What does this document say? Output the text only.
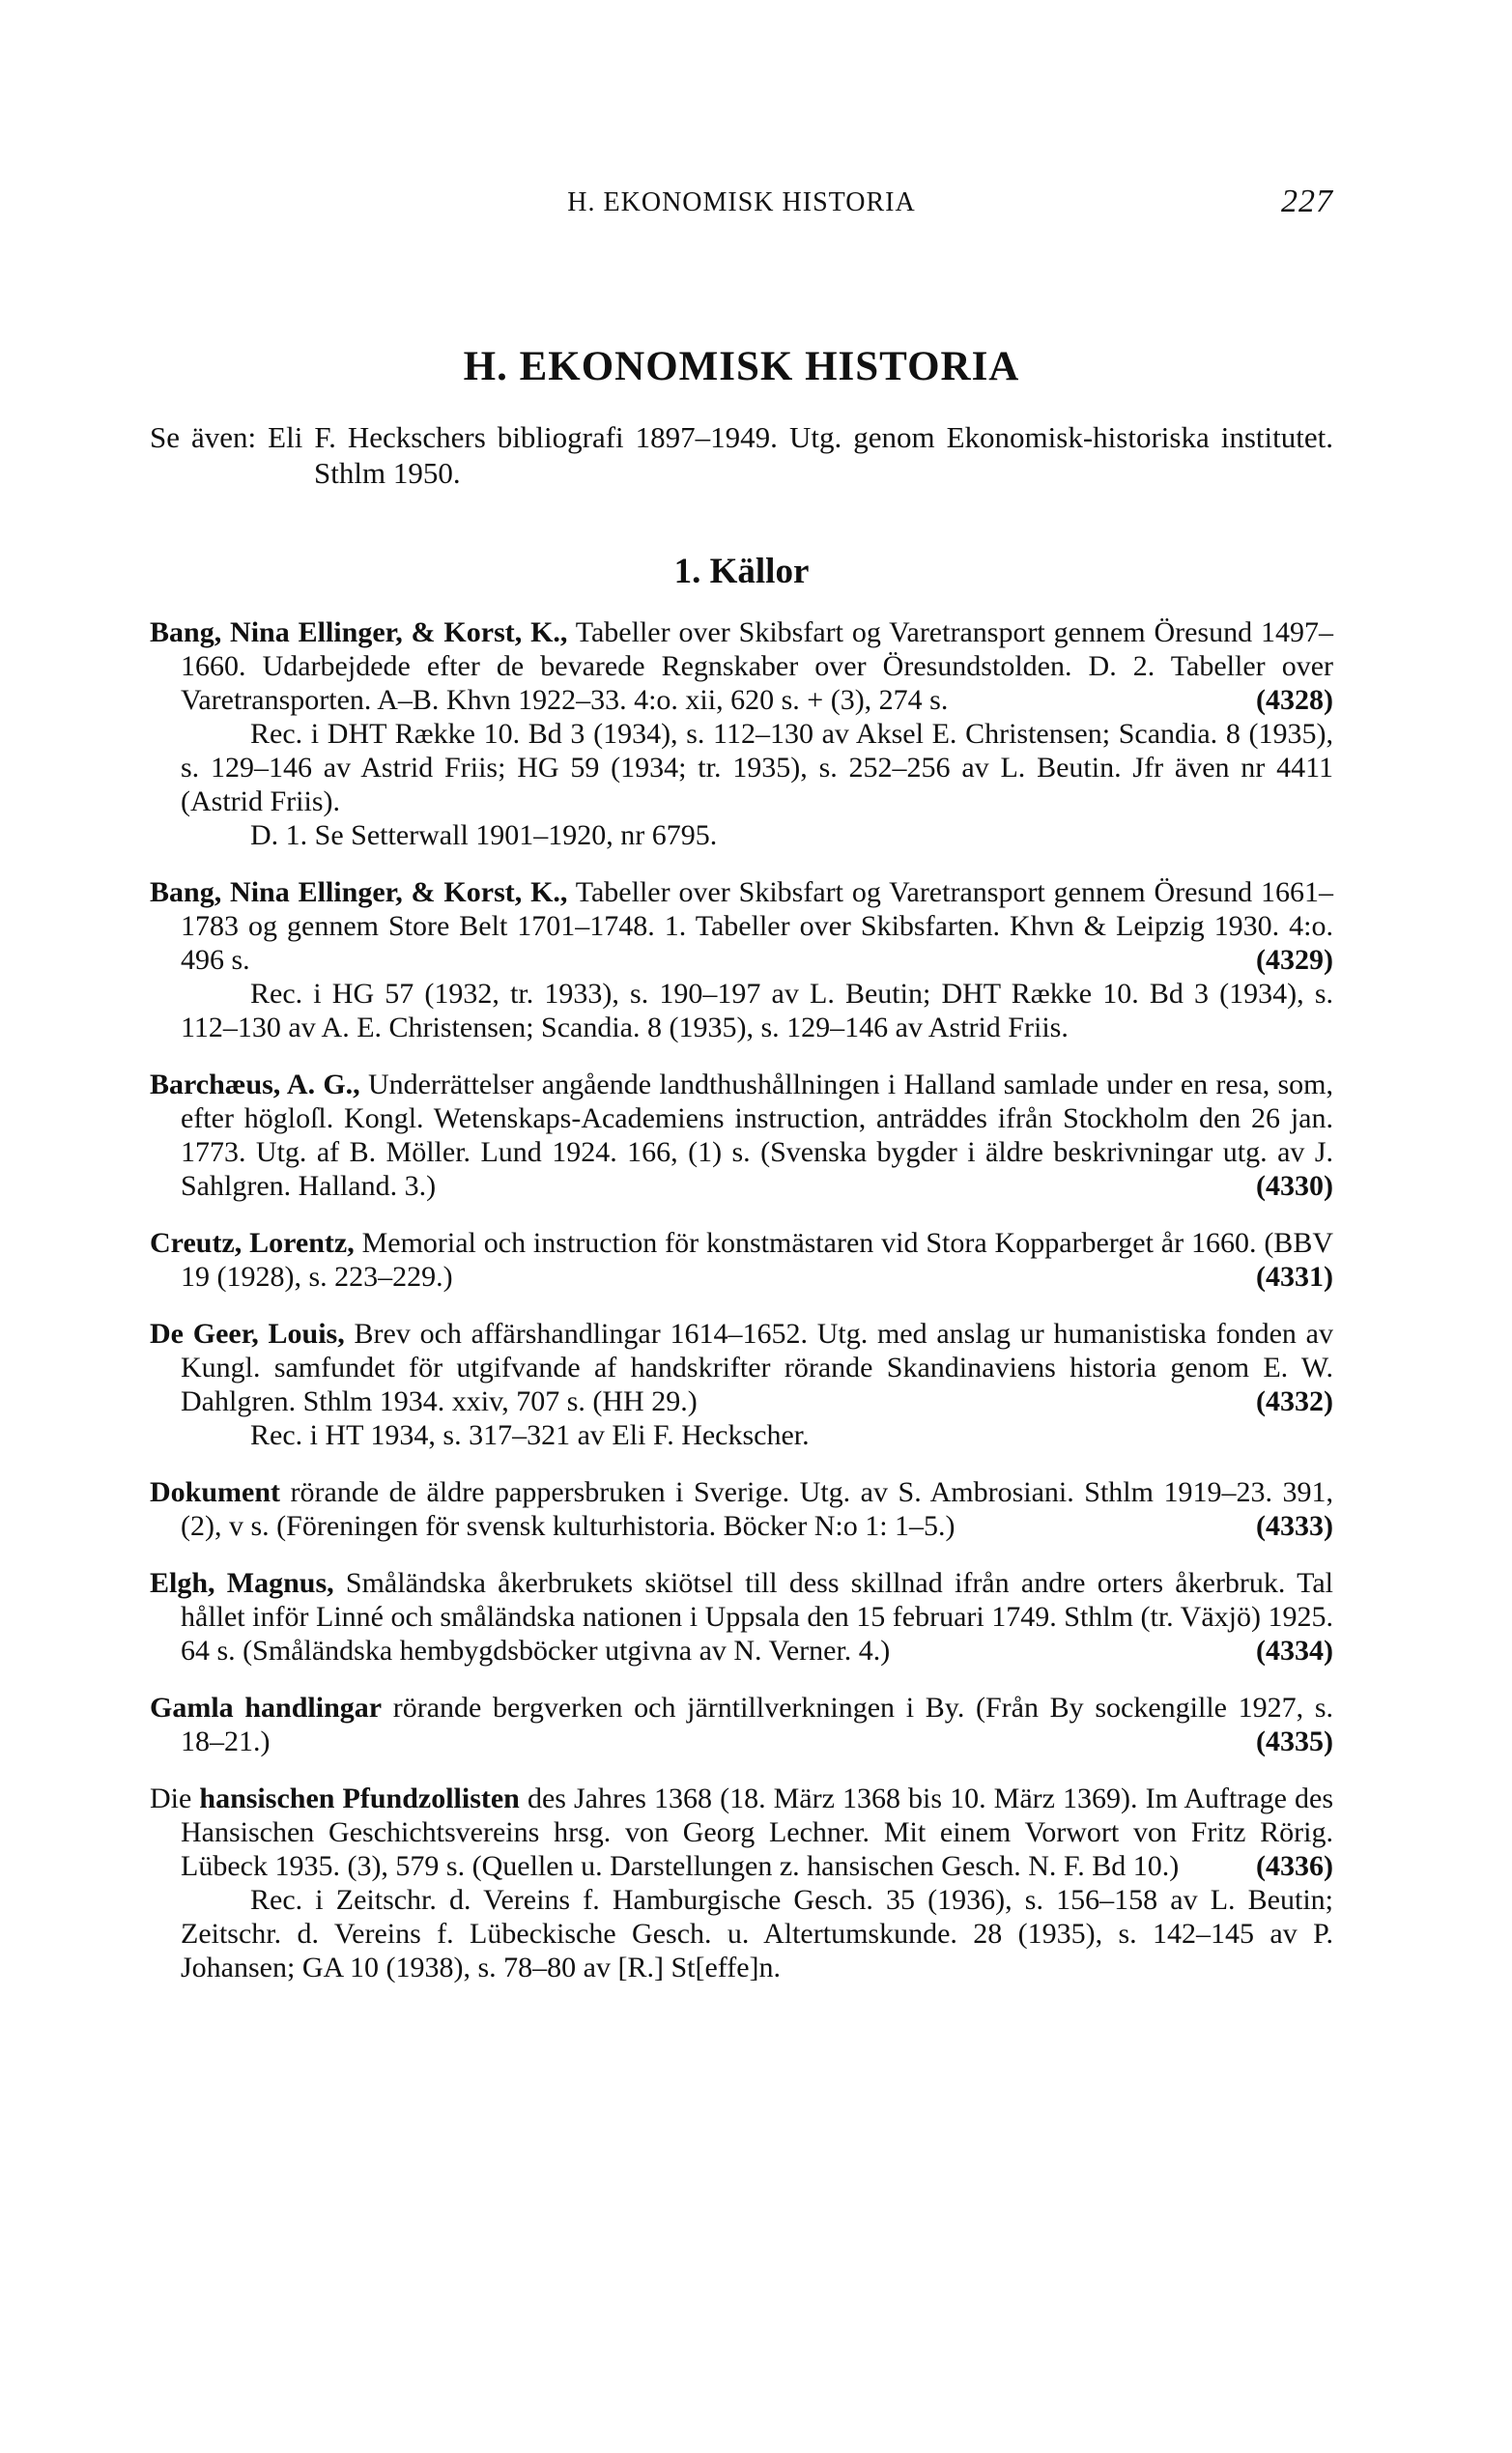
H. EKONOMISK HISTORIA	227
H. EKONOMISK HISTORIA
Se även: Eli F. Heckschers bibliografi 1897–1949. Utg. genom Ekonomisk-historiska institutet. Sthlm 1950.
1. Källor
Bang, Nina Ellinger, & Korst, K., Tabeller over Skibsfart og Varetransport gennem Öresund 1497–1660. Udarbejdede efter de bevarede Regnskaber over Öresundstolden. D. 2. Tabeller over Varetransporten. A–B. Khvn 1922–33. 4:o. xii, 620 s. + (3), 274 s.	(4328)
Rec. i DHT Række 10. Bd 3 (1934), s. 112–130 av Aksel E. Christensen; Scandia. 8 (1935), s. 129–146 av Astrid Friis; HG 59 (1934; tr. 1935), s. 252–256 av L. Beutin. Jfr även nr 4411 (Astrid Friis).
D. 1. Se Setterwall 1901–1920, nr 6795.
Bang, Nina Ellinger, & Korst, K., Tabeller over Skibsfart og Varetransport gennem Öresund 1661–1783 og gennem Store Belt 1701–1748. 1. Tabeller over Skibsfarten. Khvn & Leipzig 1930. 4:o. 496 s.	(4329)
Rec. i HG 57 (1932, tr. 1933), s. 190–197 av L. Beutin; DHT Række 10. Bd 3 (1934), s. 112–130 av A. E. Christensen; Scandia. 8 (1935), s. 129–146 av Astrid Friis.
Barchæus, A. G., Underrättelser angående landthushållningen i Halland samlade under en resa, som, efter högloſl. Kongl. Wetenskaps-Academiens instruction, anträddes ifrån Stockholm den 26 jan. 1773. Utg. af B. Möller. Lund 1924. 166, (1) s. (Svenska bygder i äldre beskrivningar utg. av J. Sahlgren. Halland. 3.)	(4330)
Creutz, Lorentz, Memorial och instruction för konstmästaren vid Stora Kopparberget år 1660. (BBV 19 (1928), s. 223–229.)	(4331)
De Geer, Louis, Brev och affärshandlingar 1614–1652. Utg. med anslag ur humanistiska fonden av Kungl. samfundet för utgifvande af handskrifter rörande Skandinaviens historia genom E. W. Dahlgren. Sthlm 1934. xxiv, 707 s. (HH 29.)	(4332)
Rec. i HT 1934, s. 317–321 av Eli F. Heckscher.
Dokument rörande de äldre pappersbruken i Sverige. Utg. av S. Ambrosiani. Sthlm 1919–23. 391, (2), v s. (Föreningen för svensk kulturhistoria. Böcker N:o 1: 1–5.)	(4333)
Elgh, Magnus, Småländska åkerbrukets skiötsel till dess skillnad ifrån andre orters åkerbruk. Tal hållet inför Linné och småländska nationen i Uppsala den 15 februari 1749. Sthlm (tr. Växjö) 1925. 64 s. (Småländska hembygdsböcker utgivna av N. Verner. 4.)	(4334)
Gamla handlingar rörande bergverken och järntillverkningen i By. (Från By sockengille 1927, s. 18–21.)	(4335)
Die hansischen Pfundzollisten des Jahres 1368 (18. März 1368 bis 10. März 1369). Im Auftrage des Hansischen Geschichtsvereins hrsg. von Georg Lechner. Mit einem Vorwort von Fritz Rörig. Lübeck 1935. (3), 579 s. (Quellen u. Darstellungen z. hansischen Gesch. N. F. Bd 10.)	(4336)
Rec. i Zeitschr. d. Vereins f. Hamburgische Gesch. 35 (1936), s. 156–158 av L. Beutin; Zeitschr. d. Vereins f. Lübeckische Gesch. u. Altertumskunde. 28 (1935), s. 142–145 av P. Johansen; GA 10 (1938), s. 78–80 av [R.] St[effe]n.
